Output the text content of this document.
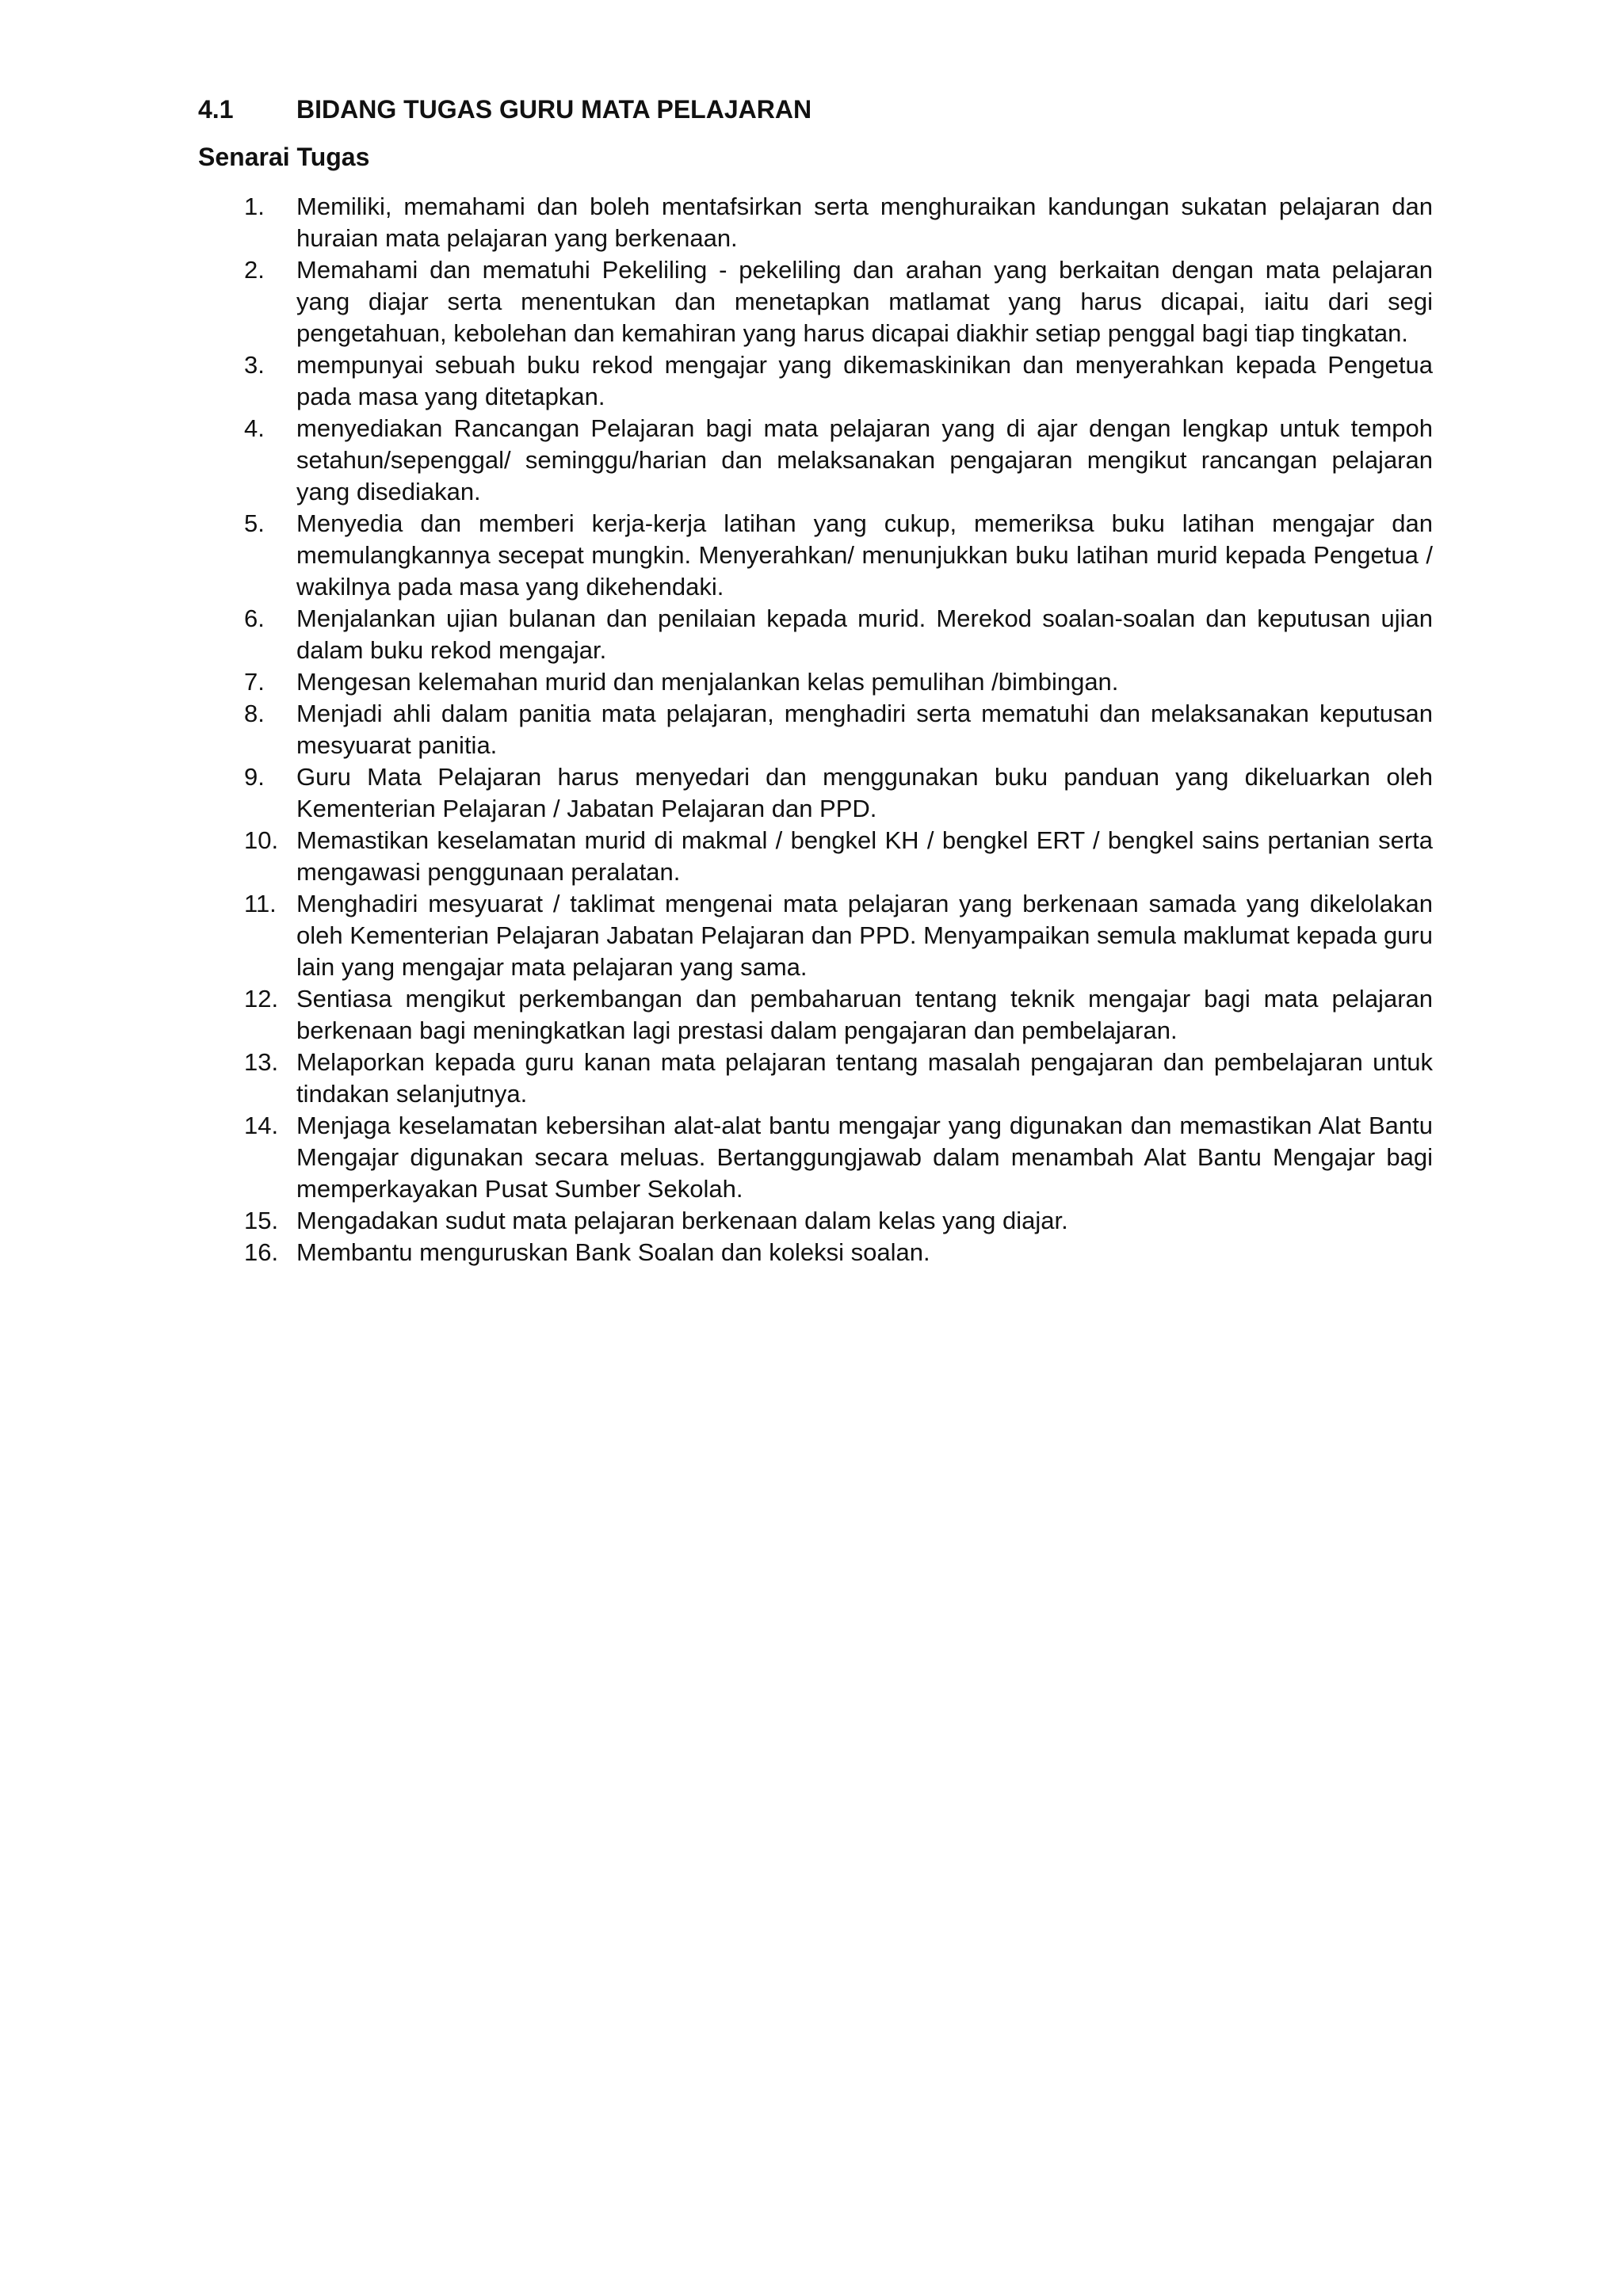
4.1 BIDANG TUGAS GURU MATA PELAJARAN
Senarai Tugas
1.	Memiliki, memahami dan boleh mentafsirkan serta menghuraikan kandungan sukatan pelajaran dan huraian mata pelajaran yang berkenaan.
2.	Memahami dan mematuhi Pekeliling - pekeliling dan arahan yang berkaitan dengan mata pelajaran yang diajar serta menentukan dan menetapkan matlamat yang harus dicapai, iaitu dari segi pengetahuan, kebolehan dan kemahiran yang harus dicapai diakhir setiap penggal bagi tiap tingkatan.
3.	mempunyai sebuah buku rekod mengajar yang dikemaskinikan dan menyerahkan kepada Pengetua pada masa yang ditetapkan.
4.	menyediakan Rancangan Pelajaran bagi mata pelajaran yang di ajar dengan lengkap untuk tempoh setahun/sepenggal/ seminggu/harian dan melaksanakan pengajaran mengikut rancangan pelajaran yang disediakan.
5.	Menyedia dan memberi kerja-kerja latihan yang cukup, memeriksa buku latihan mengajar dan memulangkannya secepat mungkin. Menyerahkan/ menunjukkan buku latihan murid kepada Pengetua / wakilnya pada masa yang dikehendaki.
6.	Menjalankan ujian bulanan dan penilaian kepada murid. Merekod soalan-soalan dan keputusan ujian dalam buku rekod mengajar.
7.	Mengesan kelemahan murid dan menjalankan kelas pemulihan /bimbingan.
8.	Menjadi ahli dalam panitia mata pelajaran, menghadiri serta mematuhi dan melaksanakan keputusan mesyuarat panitia.
9.	Guru Mata Pelajaran harus menyedari dan menggunakan buku panduan yang dikeluarkan oleh Kementerian Pelajaran / Jabatan Pelajaran dan PPD.
10. Memastikan keselamatan murid di makmal / bengkel KH / bengkel ERT / bengkel sains pertanian serta mengawasi penggunaan peralatan.
11. Menghadiri mesyuarat / taklimat mengenai mata pelajaran yang berkenaan samada yang dikelolakan oleh Kementerian Pelajaran Jabatan Pelajaran dan PPD. Menyampaikan semula maklumat kepada guru lain yang mengajar mata pelajaran yang sama.
12. Sentiasa mengikut perkembangan dan pembaharuan tentang teknik mengajar bagi mata pelajaran berkenaan bagi meningkatkan lagi prestasi dalam pengajaran dan pembelajaran.
13. Melaporkan kepada guru kanan mata pelajaran tentang masalah pengajaran dan pembelajaran untuk tindakan selanjutnya.
14. Menjaga keselamatan kebersihan alat-alat bantu mengajar yang digunakan dan memastikan Alat Bantu Mengajar digunakan secara meluas. Bertanggungjawab dalam menambah Alat Bantu Mengajar bagi memperkayakan Pusat Sumber Sekolah.
15. Mengadakan sudut mata pelajaran berkenaan dalam kelas yang diajar.
16. Membantu menguruskan Bank Soalan dan koleksi soalan.
